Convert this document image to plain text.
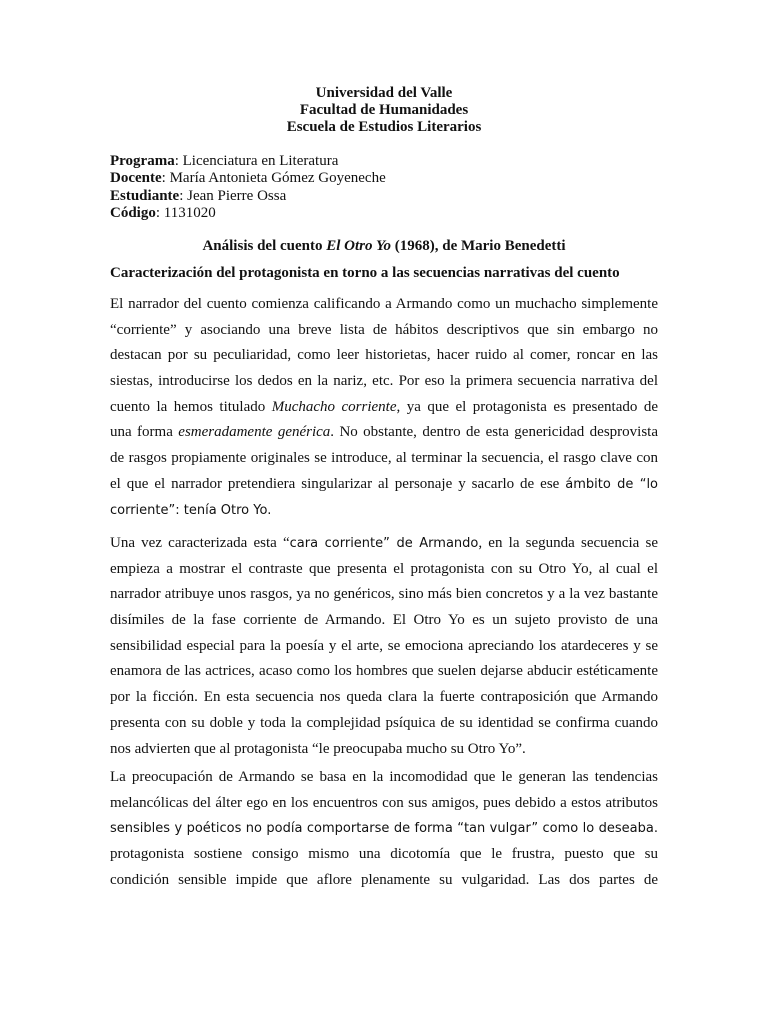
Universidad del Valle
Facultad de Humanidades
Escuela de Estudios Literarios
Programa: Licenciatura en Literatura
Docente: María Antonieta Gómez Goyeneche
Estudiante: Jean Pierre Ossa
Código: 1131020
Análisis del cuento El Otro Yo (1968), de Mario Benedetti
Caracterización del protagonista en torno a las secuencias narrativas del cuento
El narrador del cuento comienza calificando a Armando como un muchacho simplemente
“corriente” y asociando una breve lista de hábitos descriptivos que sin embargo no
destacan por su peculiaridad, como leer historietas, hacer ruido al comer, roncar en las
siestas, introducirse los dedos en la nariz, etc. Por eso la primera secuencia narrativa del
cuento la hemos titulado Muchacho corriente, ya que el protagonista es presentado de
una forma esmeradamente genérica. No obstante, dentro de esta genericidad desprovista
de rasgos propiamente originales se introduce, al terminar la secuencia, el rasgo clave con
el que el narrador pretendiera singularizar al personaje y sacarlo de ese ámbito de “lo
corriente”: tenía Otro Yo.
Una vez caracterizada esta “cara corriente” de Armando, en la segunda secuencia se
empieza a mostrar el contraste que presenta el protagonista con su Otro Yo, al cual el
narrador atribuye unos rasgos, ya no genéricos, sino más bien concretos y a la vez bastante
disímiles de la fase corriente de Armando. El Otro Yo es un sujeto provisto de una
sensibilidad especial para la poesía y el arte, se emociona apreciando los atardeceres y se
enamora de las actrices, acaso como los hombres que suelen dejarse abducir estéticamente
por la ficción. En esta secuencia nos queda clara la fuerte contraposición que Armando
presenta con su doble y toda la complejidad psíquica de su identidad se confirma cuando
nos advierten que al protagonista “le preocupaba mucho su Otro Yo”.
La preocupación de Armando se basa en la incomodidad que le generan las tendencias
melancólicas del álter ego en los encuentros con sus amigos, pues debido a estos atributos
sensibles y poéticos no podía comportarse de forma “tan vulgar” como lo deseaba.
protagonista sostiene consigo mismo una dicotomía que le frustra, puesto que su
condición sensible impide que aflore plenamente su vulgaridad. Las dos partes de
